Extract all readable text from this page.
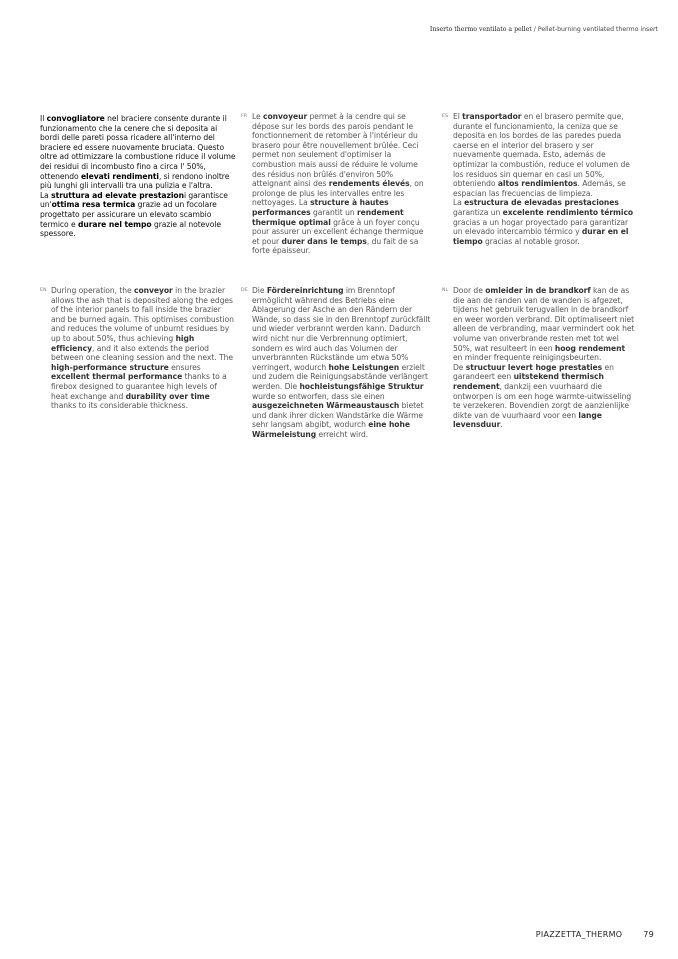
Inserto thermo ventilato a pellet / Pellet-burning ventilated thermo insert
Il convogliatore nel braciere consente durante il funzionamento che la cenere che si deposita ai bordi delle pareti possa ricadere all'interno del braciere ed essere nuovamente bruciata. Questo oltre ad ottimizzare la combustione riduce il volume dei residui di incombusto fino a circa l' 50%, ottenendo elevati rendimenti, si rendono inoltre più lunghi gli intervalli tra una pulizia e l'altra.
La struttura ad elevate prestazioni garantisce un'ottima resa termica grazie ad un focolare progettato per assicurare un elevato scambio termico e durare nel tempo grazie al notevole spessore.
FR Le convoyeur permet à la cendre qui se dépose sur les bords des parois pendant le fonctionnement de retomber à l'intérieur du brasero pour être nouvellement brûlée. Ceci permet non seulement d'optimiser la combustion mais aussi de réduire le volume des résidus non brûlés d'environ 50% atteignant ainsi des rendements élevés, on prolonge de plus les intervalles entre les nettoyages. La structure à hautes performances garantit un rendement thermique optimal grâce à un foyer conçu pour assurer un excellent échange thermique et pour durer dans le temps, du fait de sa forte épaisseur.
ES El transportador en el brasero permite que, durante el funcionamiento, la ceniza que se deposita en los bordes de las paredes pueda caerse en el interior del brasero y ser nuevamente quemada. Esto, además de optimizar la combustión, reduce el volumen de los residuos sin quemar en casi un 50%, obteniendo altos rendimientos. Además, se espacian las frecuencias de limpieza.
La estructura de elevadas prestaciones garantiza un excelente rendimiento térmico gracias a un hogar proyectado para garantizar un elevado intercambio térmico y durar en el tiempo gracias al notable grosor.
EN During operation, the conveyor in the brazier allows the ash that is deposited along the edges of the interior panels to fall inside the brazier and be burned again. This optimises combustion and reduces the volume of unburnt residues by up to about 50%, thus achieving high efficiency, and it also extends the period between one cleaning session and the next. The high-performance structure ensures excellent thermal performance thanks to a firebox designed to guarantee high levels of heat exchange and durability over time thanks to its considerable thickness.
DE Die Fördereinrichtung im Brenntopf ermöglicht während des Betriebs eine Ablagerung der Asche an den Rändern der Wände, so dass sie in den Brenntopf zurückfällt und wieder verbrannt werden kann. Dadurch wird nicht nur die Verbrennung optimiert, sondern es wird auch das Volumen der unverbrannten Rückstände um etwa 50% verringert, wodurch hohe Leistungen erzielt und zudem die Reinigungsabstände verlängert werden. Die hochleistungsfähige Struktur wurde so entworfen, dass sie einen ausgezeichneten Wärmeaustausch bietet und dank ihrer dicken Wandstärke die Wärme sehr langsam abgibt, wodurch eine hohe Wärmeleistung erreicht wird.
NL Door de omleider in de brandkorf kan de as die aan de randen van de wanden is afgezet, tijdens het gebruik terugvallen in de brandkorf en weer worden verbrand. Dit optimaliseert niet alleen de verbranding, maar vermindert ook het volume van onverbrande resten met tot wel 50%, wat resulteert in een hoog rendement en minder frequente reinigingsbeurten.
De structuur levert hoge prestaties en garandeert een uitstekend thermisch rendement, dankzij een vuurhaard die ontworpen is om een hoge warmte-uitwisseling te verzekeren. Bovendien zorgt de aanzienlijke dikte van de vuurhaard voor een lange levensduur.
PIAZZETTA_THERMO	79
